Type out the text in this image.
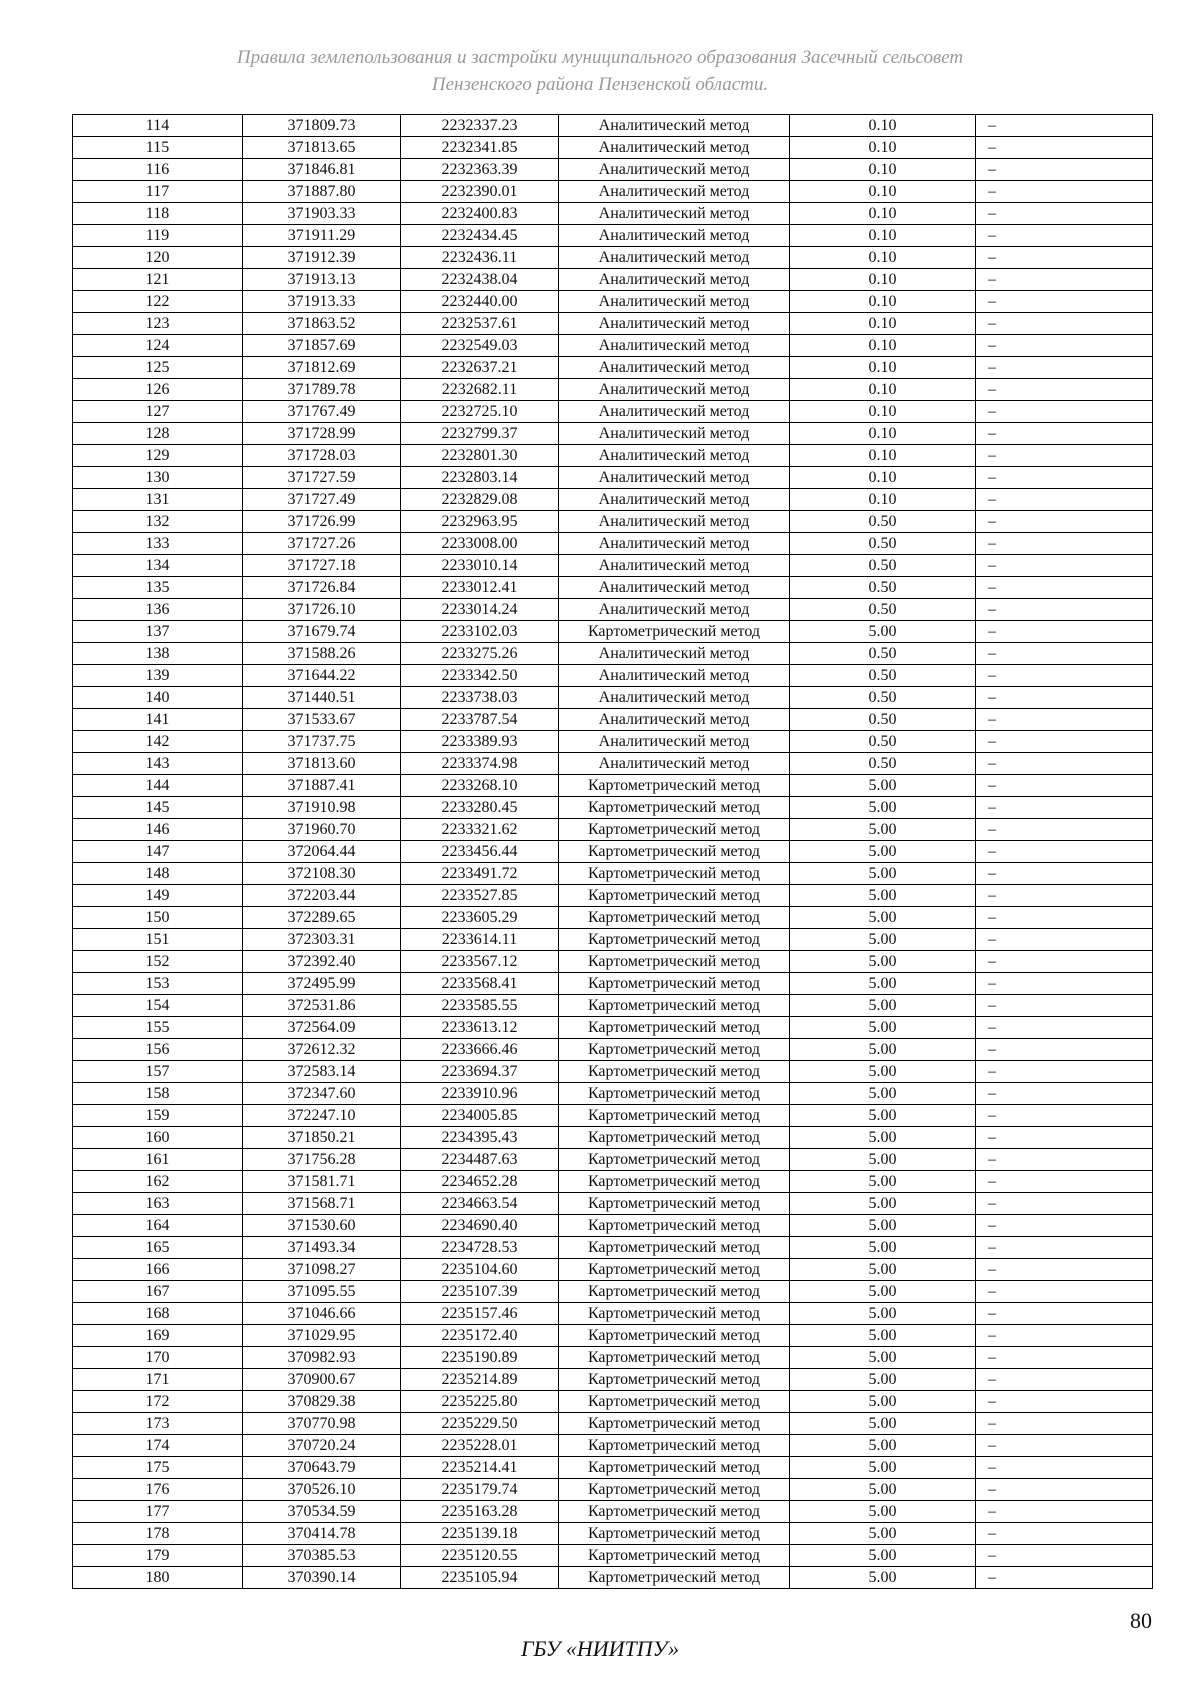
Правила землепользования и застройки муниципального образования Засечный сельсовет
Пензенского района Пензенской области.
114	371809.73	2232337.23	Аналитический метод	0.10	–
115	371813.65	2232341.85	Аналитический метод	0.10	–
116	371846.81	2232363.39	Аналитический метод	0.10	–
117	371887.80	2232390.01	Аналитический метод	0.10	–
118	371903.33	2232400.83	Аналитический метод	0.10	–
119	371911.29	2232434.45	Аналитический метод	0.10	–
120	371912.39	2232436.11	Аналитический метод	0.10	–
121	371913.13	2232438.04	Аналитический метод	0.10	–
122	371913.33	2232440.00	Аналитический метод	0.10	–
123	371863.52	2232537.61	Аналитический метод	0.10	–
124	371857.69	2232549.03	Аналитический метод	0.10	–
125	371812.69	2232637.21	Аналитический метод	0.10	–
126	371789.78	2232682.11	Аналитический метод	0.10	–
127	371767.49	2232725.10	Аналитический метод	0.10	–
128	371728.99	2232799.37	Аналитический метод	0.10	–
129	371728.03	2232801.30	Аналитический метод	0.10	–
130	371727.59	2232803.14	Аналитический метод	0.10	–
131	371727.49	2232829.08	Аналитический метод	0.10	–
132	371726.99	2232963.95	Аналитический метод	0.50	–
133	371727.26	2233008.00	Аналитический метод	0.50	–
134	371727.18	2233010.14	Аналитический метод	0.50	–
135	371726.84	2233012.41	Аналитический метод	0.50	–
136	371726.10	2233014.24	Аналитический метод	0.50	–
137	371679.74	2233102.03	Картометрический метод	5.00	–
138	371588.26	2233275.26	Аналитический метод	0.50	–
139	371644.22	2233342.50	Аналитический метод	0.50	–
140	371440.51	2233738.03	Аналитический метод	0.50	–
141	371533.67	2233787.54	Аналитический метод	0.50	–
142	371737.75	2233389.93	Аналитический метод	0.50	–
143	371813.60	2233374.98	Аналитический метод	0.50	–
144	371887.41	2233268.10	Картометрический метод	5.00	–
145	371910.98	2233280.45	Картометрический метод	5.00	–
146	371960.70	2233321.62	Картометрический метод	5.00	–
147	372064.44	2233456.44	Картометрический метод	5.00	–
148	372108.30	2233491.72	Картометрический метод	5.00	–
149	372203.44	2233527.85	Картометрический метод	5.00	–
150	372289.65	2233605.29	Картометрический метод	5.00	–
151	372303.31	2233614.11	Картометрический метод	5.00	–
152	372392.40	2233567.12	Картометрический метод	5.00	–
153	372495.99	2233568.41	Картометрический метод	5.00	–
154	372531.86	2233585.55	Картометрический метод	5.00	–
155	372564.09	2233613.12	Картометрический метод	5.00	–
156	372612.32	2233666.46	Картометрический метод	5.00	–
157	372583.14	2233694.37	Картометрический метод	5.00	–
158	372347.60	2233910.96	Картометрический метод	5.00	–
159	372247.10	2234005.85	Картометрический метод	5.00	–
160	371850.21	2234395.43	Картометрический метод	5.00	–
161	371756.28	2234487.63	Картометрический метод	5.00	–
162	371581.71	2234652.28	Картометрический метод	5.00	–
163	371568.71	2234663.54	Картометрический метод	5.00	–
164	371530.60	2234690.40	Картометрический метод	5.00	–
165	371493.34	2234728.53	Картометрический метод	5.00	–
166	371098.27	2235104.60	Картометрический метод	5.00	–
167	371095.55	2235107.39	Картометрический метод	5.00	–
168	371046.66	2235157.46	Картометрический метод	5.00	–
169	371029.95	2235172.40	Картометрический метод	5.00	–
170	370982.93	2235190.89	Картометрический метод	5.00	–
171	370900.67	2235214.89	Картометрический метод	5.00	–
172	370829.38	2235225.80	Картометрический метод	5.00	–
173	370770.98	2235229.50	Картометрический метод	5.00	–
174	370720.24	2235228.01	Картометрический метод	5.00	–
175	370643.79	2235214.41	Картометрический метод	5.00	–
176	370526.10	2235179.74	Картометрический метод	5.00	–
177	370534.59	2235163.28	Картометрический метод	5.00	–
178	370414.78	2235139.18	Картометрический метод	5.00	–
179	370385.53	2235120.55	Картометрический метод	5.00	–
180	370390.14	2235105.94	Картометрический метод	5.00	–
80
ГБУ «НИИТПУ»
